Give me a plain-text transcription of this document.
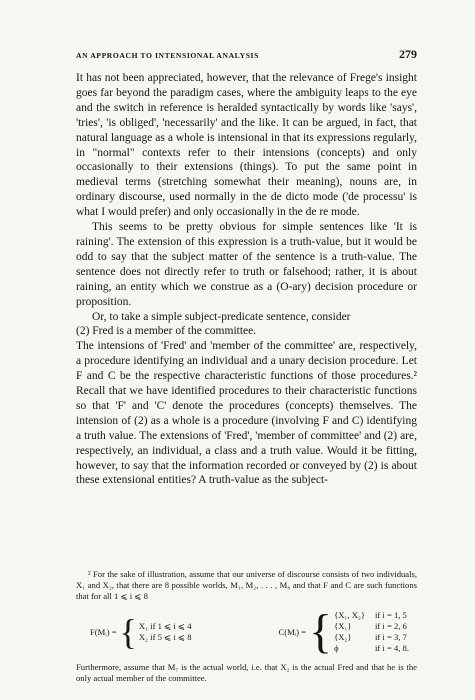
AN APPROACH TO INTENSIONAL ANALYSIS	279

It has not been appreciated, however, that the relevance of Frege's insight goes far beyond the paradigm cases, where the ambiguity leaps to the eye and the switch in reference is heralded syntactically by words like 'says', 'tries', 'is obliged', 'necessarily' and the like. It can be argued, in fact, that natural language as a whole is intensional in that its expressions regularly, in "normal" contexts refer to their intensions (concepts) and only occasionally to their extensions (things). To put the same point in medieval terms (stretching somewhat their meaning), nouns are, in ordinary discourse, used normally in the de dicto mode ('de processu' is what I would prefer) and only occasionally in the de re mode.

This seems to be pretty obvious for simple sentences like 'It is raining'. The extension of this expression is a truth-value, but it would be odd to say that the subject matter of the sentence is a truth-value. The sentence does not directly refer to truth or falsehood; rather, it is about raining, an entity which we construe as a (O-ary) decision procedure or proposition.

Or, to take a simple subject-predicate sentence, consider

(2) Fred is a member of the committee.

The intensions of 'Fred' and 'member of the committee' are, respectively, a procedure identifying an individual and a unary decision procedure. Let F and C be the respective characteristic functions of those procedures.² Recall that we have identified procedures to their characteristic functions so that 'F' and 'C' denote the procedures (concepts) themselves. The intension of (2) as a whole is a procedure (involving F and C) identifying a truth value. The extensions of 'Fred', 'member of committee' and (2) are, respectively, an individual, a class and a truth value. Would it be fitting, however, to say that the information recorded or conveyed by (2) is about these extensional entities? A truth-value as the subject-

² For the sake of illustration, assume that our universe of discourse consists of two individuals, X₁ and X₂, that there are 8 possible worlds, M₁, M₂, . . . , M₈ and that F and C are such functions that for all 1 ⩽ i ⩽ 8

F(Mᵢ) = { X₁ if 1 ⩽ i ⩽ 4
X₂ if 5 ⩽ i ⩽ 8
C(Mᵢ) = { {X₁, X₂} if i = 1, 5
{X₁}	if i = 2, 6
{X₂}	if i = 3, 7
ϕ	if i = 4, 8.

Furthermore, assume that M₇ is the actual world, i.e. that X₂ is the actual Fred and that he is the only actual member of the committee.
